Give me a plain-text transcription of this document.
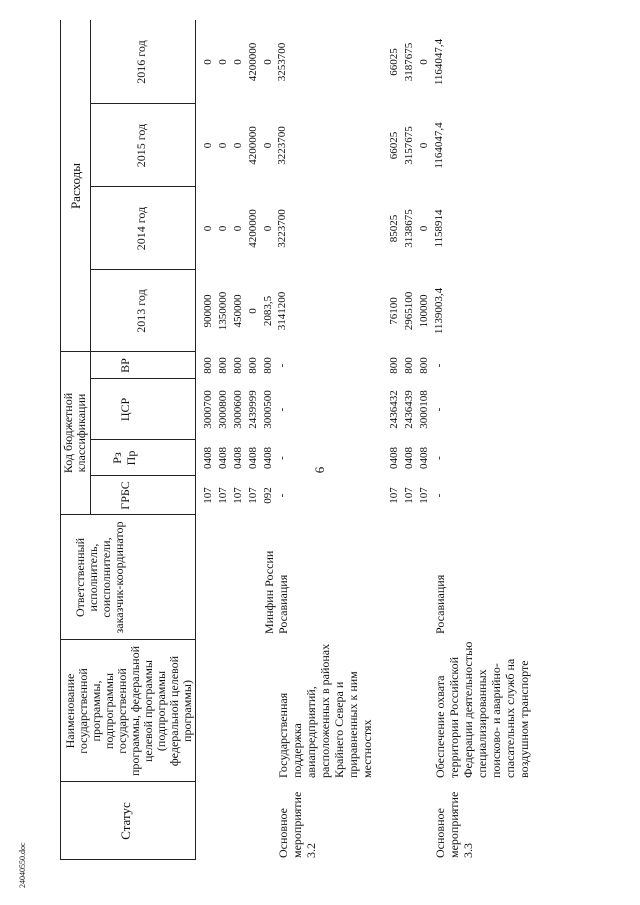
6
24040550.doc
Статус
Наименование государственной программы, подпрограммы государственной программы, федеральной целевой программы (подпрограммы федеральной целевой программы)
Ответственный исполнитель, соисполнители, заказчик-координатор
Код бюджетной классификации
ГРБС
Рз Пр
ЦСР
ВР
Расходы
2013 год
2014 год
2015 год
2016 год
107
0408
3000700
800
900000
0
0
0
107
0408
3000800
800
1350000
0
0
0
107
0408
3000600
800
450000
0
0
0
107
0408
2439999
800
0
4200000
4200000
4200000
Минфин России
092
0408
3000500
800
2083,5
0
0
0
Основное мероприятие 3.2
Государственная поддержка авиапредприятий, расположенных в районах Крайнего Севера и приравненных к ним местностях
Росавиация
-
-
-
-
3141200
3223700
3223700
3253700
107
0408
2436432
800
76100
85025
66025
66025
107
0408
2436439
800
2965100
3138675
3157675
3187675
107
0408
3000108
800
100000
0
0
0
Основное мероприятие 3.3
Обеспечение охвата территории Российской Федерации деятельностью специализированных поисково- и аварийно-спасательных служб на воздушном транспорте
Росавиация
-
-
-
-
1139003,4
1158914
1164047,4
1164047,4
